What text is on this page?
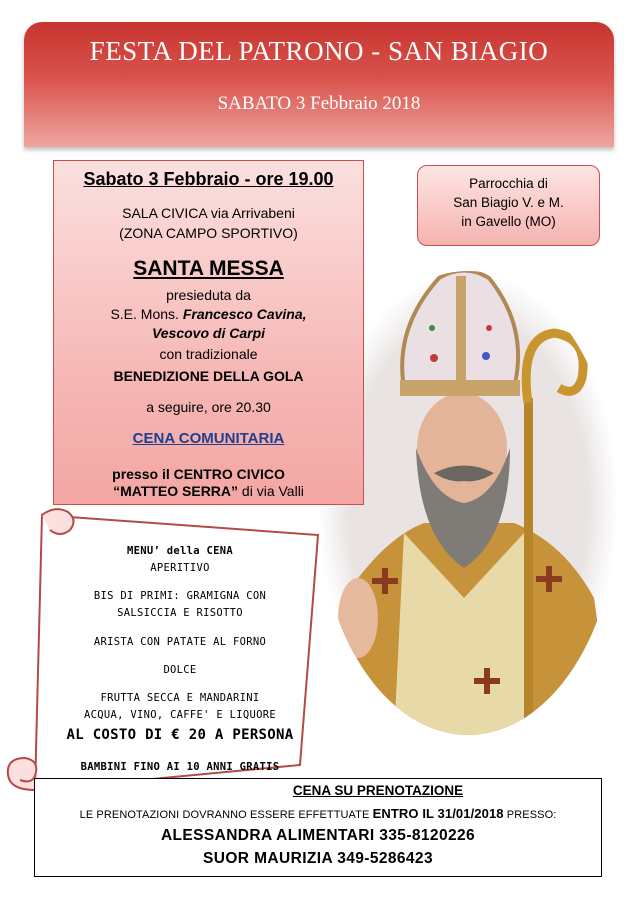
FESTA DEL PATRONO - SAN BIAGIO
SABATO 3 Febbraio 2018
Parrocchia di
San Biagio V. e M.
in Gavello (MO)
Sabato 3 Febbraio - ore 19.00
SALA CIVICA via Arrivabeni
(ZONA CAMPO SPORTIVO)
SANTA MESSA
presieduta da
S.E. Mons. Francesco Cavina,
Vescovo di Carpi
con tradizionale
BENEDIZIONE DELLA GOLA
a seguire, ore 20.30
CENA COMUNITARIA
presso il CENTRO CIVICO
“MATTEO SERRA” di via Valli
MENU’ della CENA
APERITIVO
BIS DI PRIMI: GRAMIGNA CON
SALSICCIA E RISOTTO
ARISTA CON PATATE AL FORNO
DOLCE
FRUTTA SECCA E MANDARINI
ACQUA, VINO, CAFFE' E LIQUORE
AL COSTO DI € 20 A PERSONA
BAMBINI FINO AI 10 ANNI GRATIS
CENA SU PRENOTAZIONE
LE PRENOTAZIONI DOVRANNO ESSERE EFFETTUATE ENTRO IL 31/01/2018 PRESSO:
ALESSANDRA ALIMENTARI 335-8120226
SUOR MAURIZIA 349-5286423
